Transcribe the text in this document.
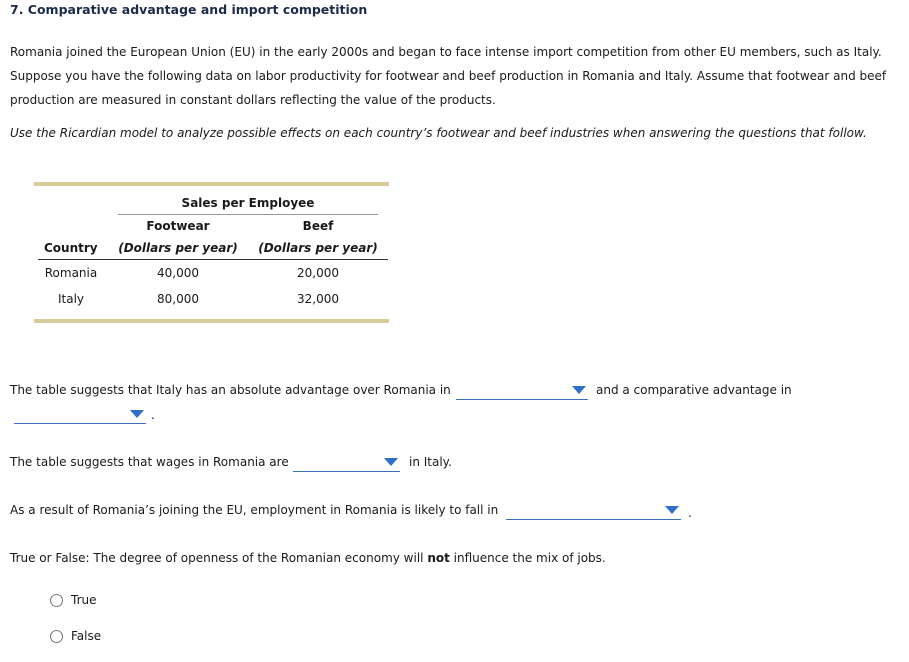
7. Comparative advantage and import competition

Romania joined the European Union (EU) in the early 2000s and began to face intense import competition from other EU members, such as Italy.

Suppose you have the following data on labor productivity for footwear and beef production in Romania and Italy. Assume that footwear and beef

production are measured in constant dollars reflecting the value of the products.

Use the Ricardian model to analyze possible effects on each country’s footwear and beef industries when answering the questions that follow.
Sales per Employee
Footwear	Beef
Country	(Dollars per year)	(Dollars per year)
Romania	40,000	20,000
Italy	80,000	32,000
The table suggests that Italy has an absolute advantage over Romania in	and a comparative advantage in
.
The table suggests that wages in Romania are	in Italy.
As a result of Romania’s joining the EU, employment in Romania is likely to fall in	.
True or False: The degree of openness of the Romanian economy will not influence the mix of jobs.
True
False
